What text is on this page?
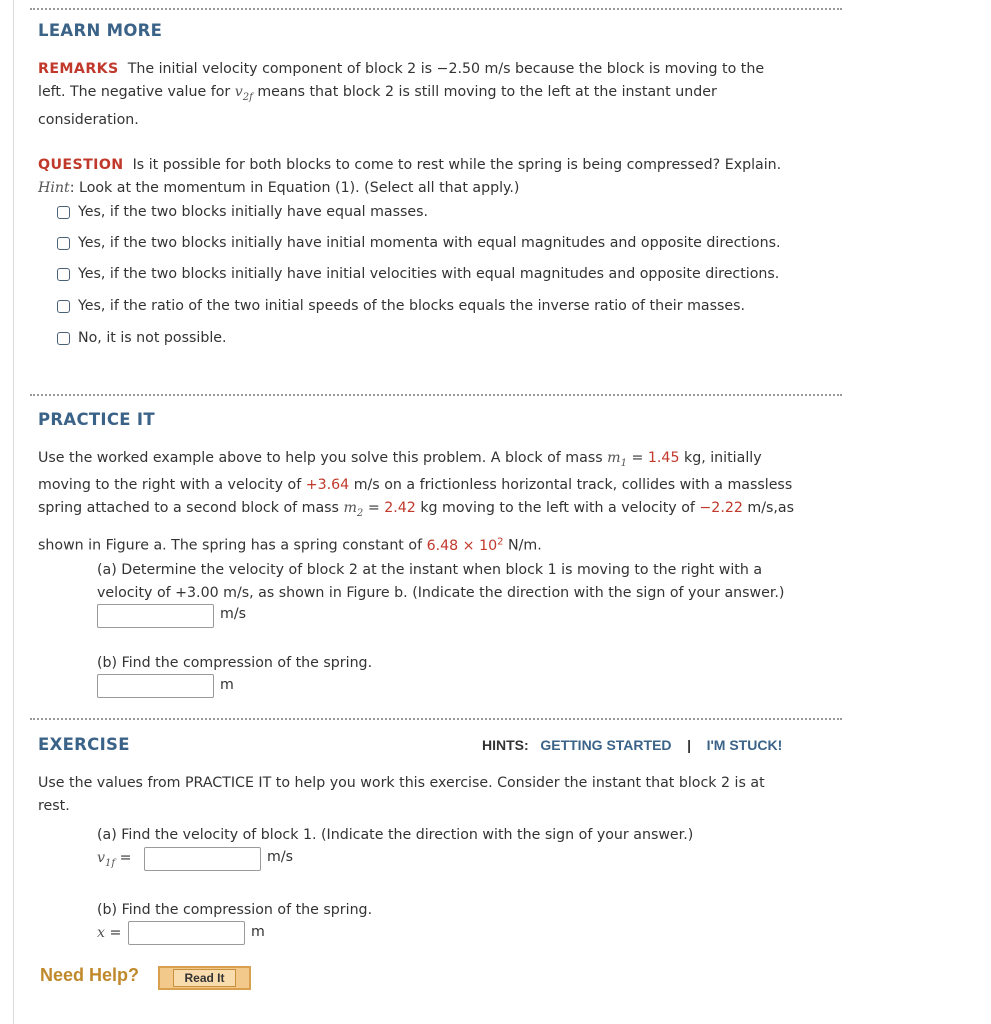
LEARN MORE
REMARKS The initial velocity component of block 2 is −2.50 m/s because the block is moving to the
left. The negative value for $v_{2f}$ means that block 2 is still moving to the left at the instant under
consideration.
QUESTION Is it possible for both blocks to come to rest while the spring is being compressed? Explain.
Hint: Look at the momentum in Equation (1). (Select all that apply.)
Yes, if the two blocks initially have equal masses.
Yes, if the two blocks initially have initial momenta with equal magnitudes and opposite directions.
Yes, if the two blocks initially have initial velocities with equal magnitudes and opposite directions.
Yes, if the ratio of the two initial speeds of the blocks equals the inverse ratio of their masses.
No, it is not possible.
PRACTICE IT
Use the worked example above to help you solve this problem. A block of mass $m_1 = 1.45$ kg, initially
moving to the right with a velocity of +3.64 m/s on a frictionless horizontal track, collides with a massless
spring attached to a second block of mass $m_2 = 2.42$ kg moving to the left with a velocity of −2.22 m/s,as
shown in Figure a. The spring has a spring constant of $6.48 \times 10^2$ N/m.
(a) Determine the velocity of block 2 at the instant when block 1 is moving to the right with a
velocity of +3.00 m/s, as shown in Figure b. (Indicate the direction with the sign of your answer.)
m/s
(b) Find the compression of the spring.
m
EXERCISE	HINTS: GETTING STARTED | I'M STUCK!
Use the values from PRACTICE IT to help you work this exercise. Consider the instant that block 2 is at
rest.
(a) Find the velocity of block 1. (Indicate the direction with the sign of your answer.)
$v_{1f}$ =	m/s
(b) Find the compression of the spring.
x =	m
Need Help?	Read It
